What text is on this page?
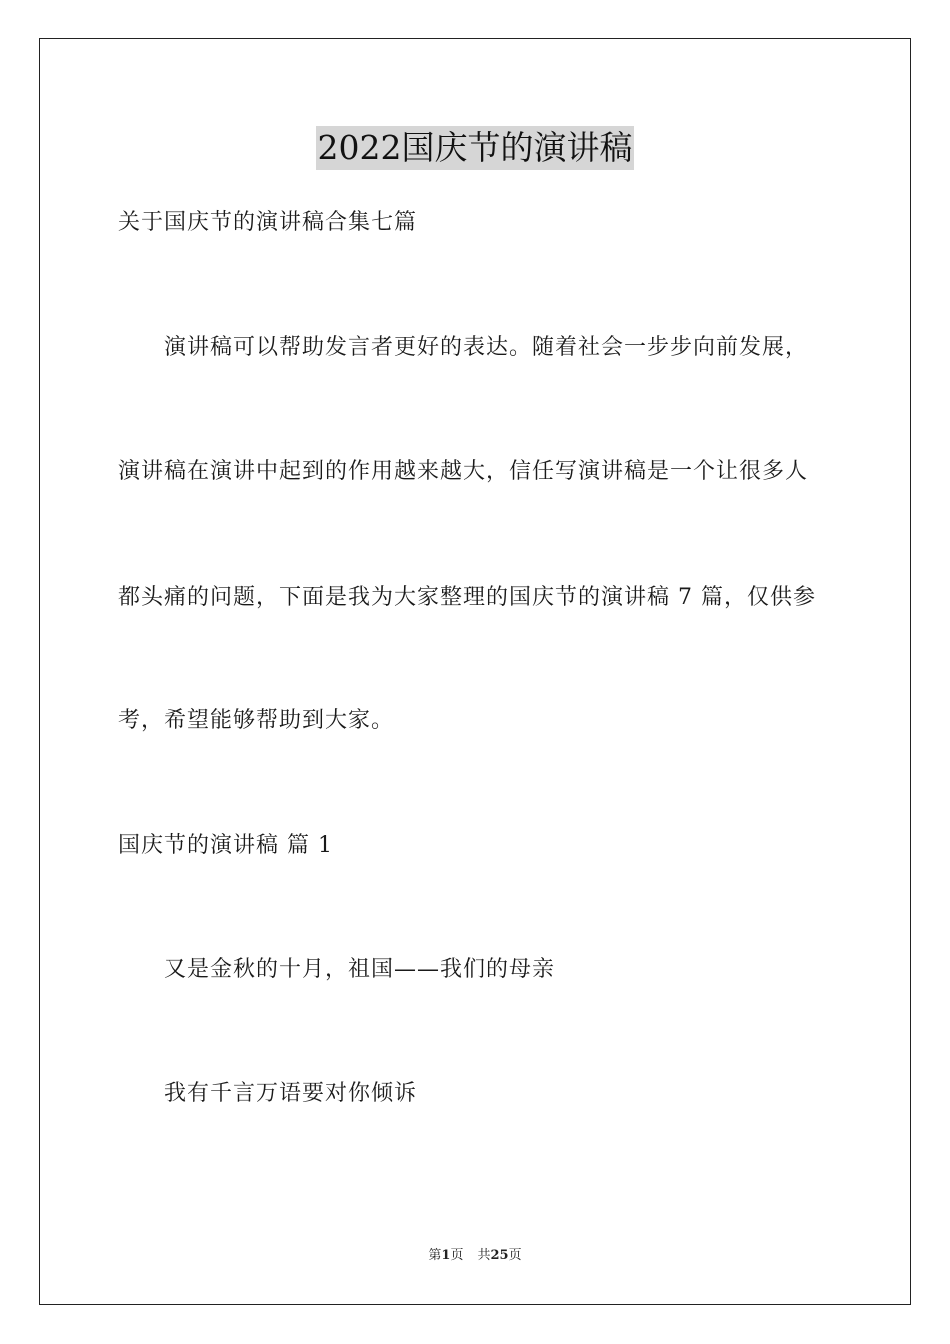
2022国庆节的演讲稿
关于国庆节的演讲稿合集七篇
演讲稿可以帮助发言者更好的表达。随着社会一步步向前发展，
演讲稿在演讲中起到的作用越来越大，信任写演讲稿是一个让很多人
都头痛的问题，下面是我为大家整理的国庆节的演讲稿 7 篇，仅供参
考，希望能够帮助到大家。
国庆节的演讲稿 篇 1
又是金秋的十月，祖国——我们的母亲
我有千言万语要对你倾诉
第1页 共25页
